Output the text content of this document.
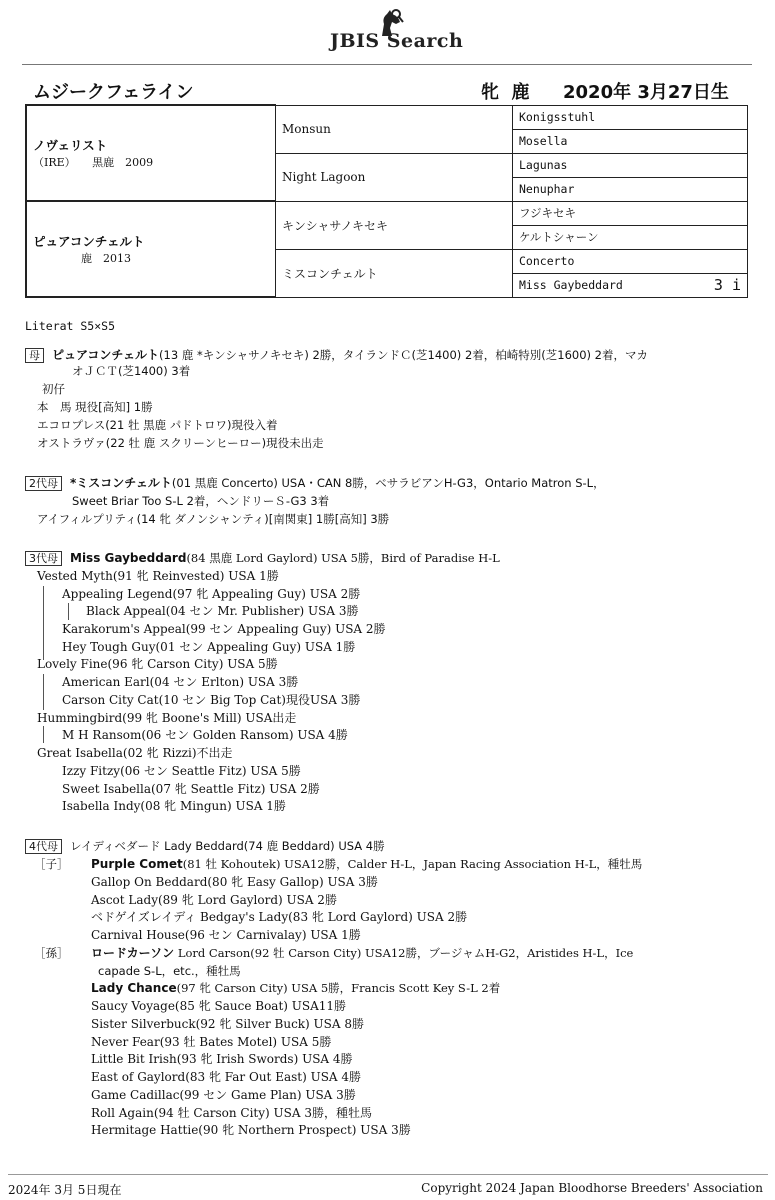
JBIS Search
ムジークフェライン	牝 鹿 2020年 3月27日生
ノヴェリスト
（IRE）　　黒鹿　2009	Monsun	Konigsstuhl
		Mosella
	Night Lagoon	Lagunas
		Nenuphar

ピュアコンチェルト
鹿　2013	キンシャサノキセキ	フジキセキ
		ケルトシャーン
	ミスコンチェルト	Concerto
		Miss Gaybeddard 3 i
Literat S5×S5
母 ピュアコンチェルト(13 鹿 *キンシャサノキセキ) 2勝，タイランドＣ(芝1400) 2着，柏崎特別(芝1600) 2着，マカ
オＪＣＴ(芝1400) 3着
初仔
本　馬 現役[高知] 1勝
エコロプレス(21 牡 黒鹿 パドトロワ)現役入着
オストラヴァ(22 牡 鹿 スクリーンヒーロー)現役未出走
2代母 *ミスコンチェルト(01 黒鹿 Concerto) USA・CAN 8勝，ベサラビアンH-G3，Ontario Matron S-L，
Sweet Briar Too S-L 2着，ヘンドリーＳ-G3 3着
アイフィルプリティ(14 牝 ダノンシャンティ)[南関東] 1勝[高知] 3勝
3代母 Miss Gaybeddard(84 黒鹿 Lord Gaylord) USA 5勝，Bird of Paradise H-L
Vested Myth(91 牝 Reinvested) USA 1勝
Appealing Legend(97 牝 Appealing Guy) USA 2勝
Black Appeal(04 セン Mr. Publisher) USA 3勝
Karakorum's Appeal(99 セン Appealing Guy) USA 2勝
Hey Tough Guy(01 セン Appealing Guy) USA 1勝
Lovely Fine(96 牝 Carson City) USA 5勝
American Earl(04 セン Erlton) USA 3勝
Carson City Cat(10 セン Big Top Cat)現役USA 3勝
Hummingbird(99 牝 Boone's Mill) USA出走
M H Ransom(06 セン Golden Ransom) USA 4勝
Great Isabella(02 牝 Rizzi)不出走
Izzy Fitzy(06 セン Seattle Fitz) USA 5勝
Sweet Isabella(07 牝 Seattle Fitz) USA 2勝
Isabella Indy(08 牝 Mingun) USA 1勝
4代母 レイディベダード Lady Beddard(74 鹿 Beddard) USA 4勝
［子］ Purple Comet(81 牡 Kohoutek) USA12勝，Calder H-L，Japan Racing Association H-L，種牡馬
Gallop On Beddard(80 牝 Easy Gallop) USA 3勝
Ascot Lady(89 牝 Lord Gaylord) USA 2勝
ベドゲイズレイディ Bedgay's Lady(83 牝 Lord Gaylord) USA 2勝
Carnival House(96 セン Carnivalay) USA 1勝
［孫］ ロードカーソン Lord Carson(92 牡 Carson City) USA12勝，ブージャムH-G2，Aristides H-L，Ice
capade S-L，etc.，種牡馬
Lady Chance(97 牝 Carson City) USA 5勝，Francis Scott Key S-L 2着
Saucy Voyage(85 牝 Sauce Boat) USA11勝
Sister Silverbuck(92 牝 Silver Buck) USA 8勝
Never Fear(93 牡 Bates Motel) USA 5勝
Little Bit Irish(93 牝 Irish Swords) USA 4勝
East of Gaylord(83 牝 Far Out East) USA 4勝
Game Cadillac(99 セン Game Plan) USA 3勝
Roll Again(94 牡 Carson City) USA 3勝，種牡馬
Hermitage Hattie(90 牝 Northern Prospect) USA 3勝
2024年 3月 5日現在	Copyright 2024 Japan Bloodhorse Breeders' Association
